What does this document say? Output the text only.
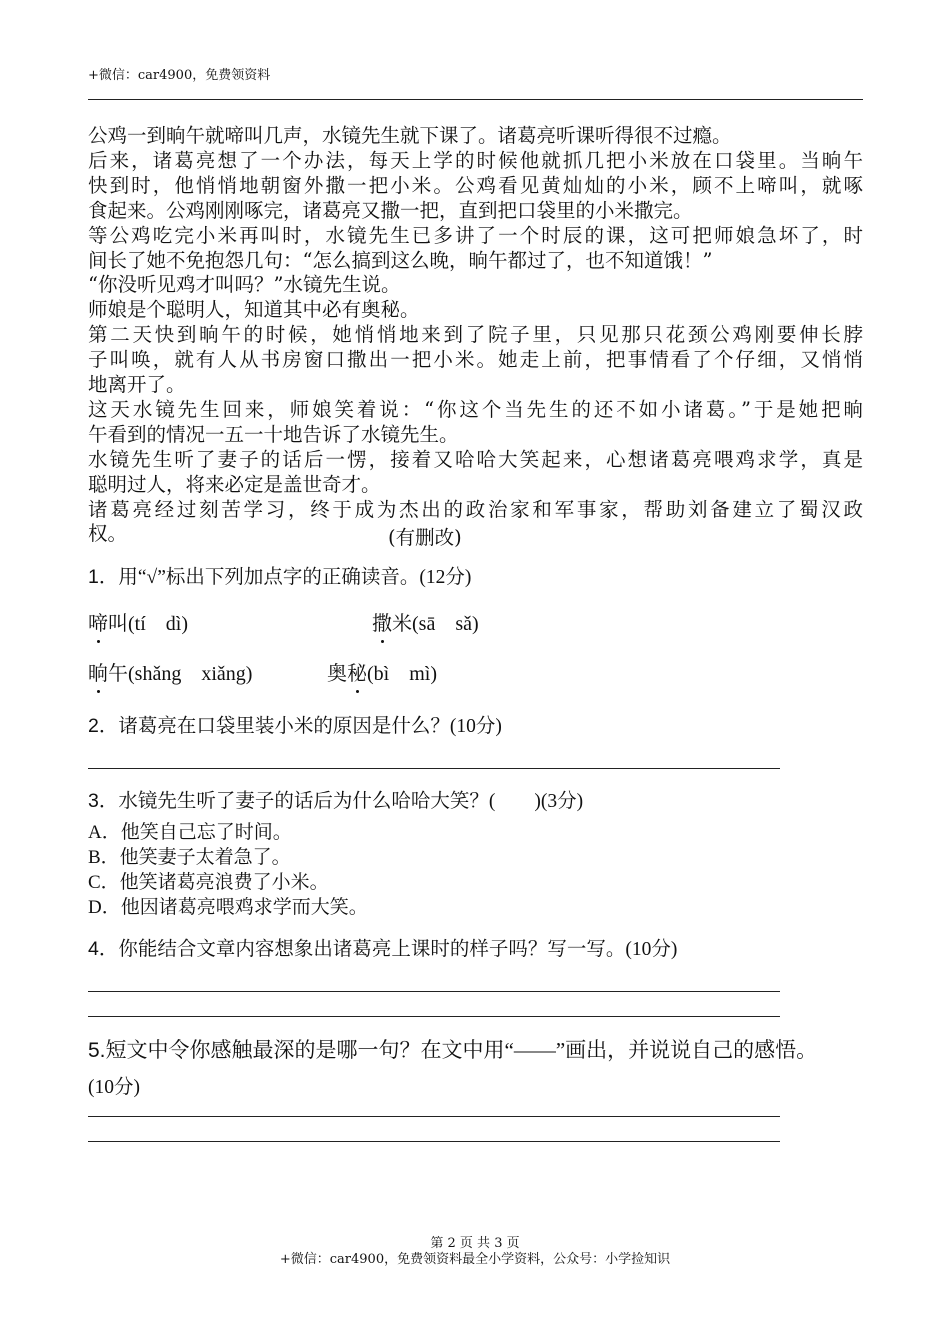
+微信：car4900，免费领资料
公鸡一到晌午就啼叫几声，水镜先生就下课了。诸葛亮听课听得很不过瘾。
后来，诸葛亮想了一个办法，每天上学的时候他就抓几把小米放在口袋里。当晌午
快到时，他悄悄地朝窗外撒一把小米。公鸡看见黄灿灿的小米，顾不上啼叫，就啄
食起来。公鸡刚刚啄完，诸葛亮又撒一把，直到把口袋里的小米撒完。
等公鸡吃完小米再叫时，水镜先生已多讲了一个时辰的课，这可把师娘急坏了，时
间长了她不免抱怨几句：“怎么搞到这么晚，晌午都过了，也不知道饿！”
“你没听见鸡才叫吗？”水镜先生说。
师娘是个聪明人，知道其中必有奥秘。
第二天快到晌午的时候，她悄悄地来到了院子里，只见那只花颈公鸡刚要伸长脖
子叫唤，就有人从书房窗口撒出一把小米。她走上前，把事情看了个仔细，又悄悄
地离开了。
这天水镜先生回来，师娘笑着说：“你这个当先生的还不如小诸葛。”于是她把晌
午看到的情况一五一十地告诉了水镜先生。
水镜先生听了妻子的话后一愣，接着又哈哈大笑起来，心想诸葛亮喂鸡求学，真是
聪明过人，将来必定是盖世奇才。
诸葛亮经过刻苦学习，终于成为杰出的政治家和军事家，帮助刘备建立了蜀汉政
权。	(有删改)
1．用“√”标出下列加点字的正确读音。(12分)
啼叫(tí　dì)	撒米(sā　sǎ)
晌午(shǎng　xiǎng)	奥秘(bì　mì)
2．诸葛亮在口袋里装小米的原因是什么？(10分)
3．水镜先生听了妻子的话后为什么哈哈大笑？(　　)(3分)
A．他笑自己忘了时间。
B．他笑妻子太着急了。
C．他笑诸葛亮浪费了小米。
D．他因诸葛亮喂鸡求学而大笑。
4．你能结合文章内容想象出诸葛亮上课时的样子吗？写一写。(10分)
5.短文中令你感触最深的是哪一句？在文中用“——”画出，并说说自己的感悟。
(10分)
第 2 页 共 3 页
+微信：car4900，免费领资料最全小学资料，公众号：小学捡知识
